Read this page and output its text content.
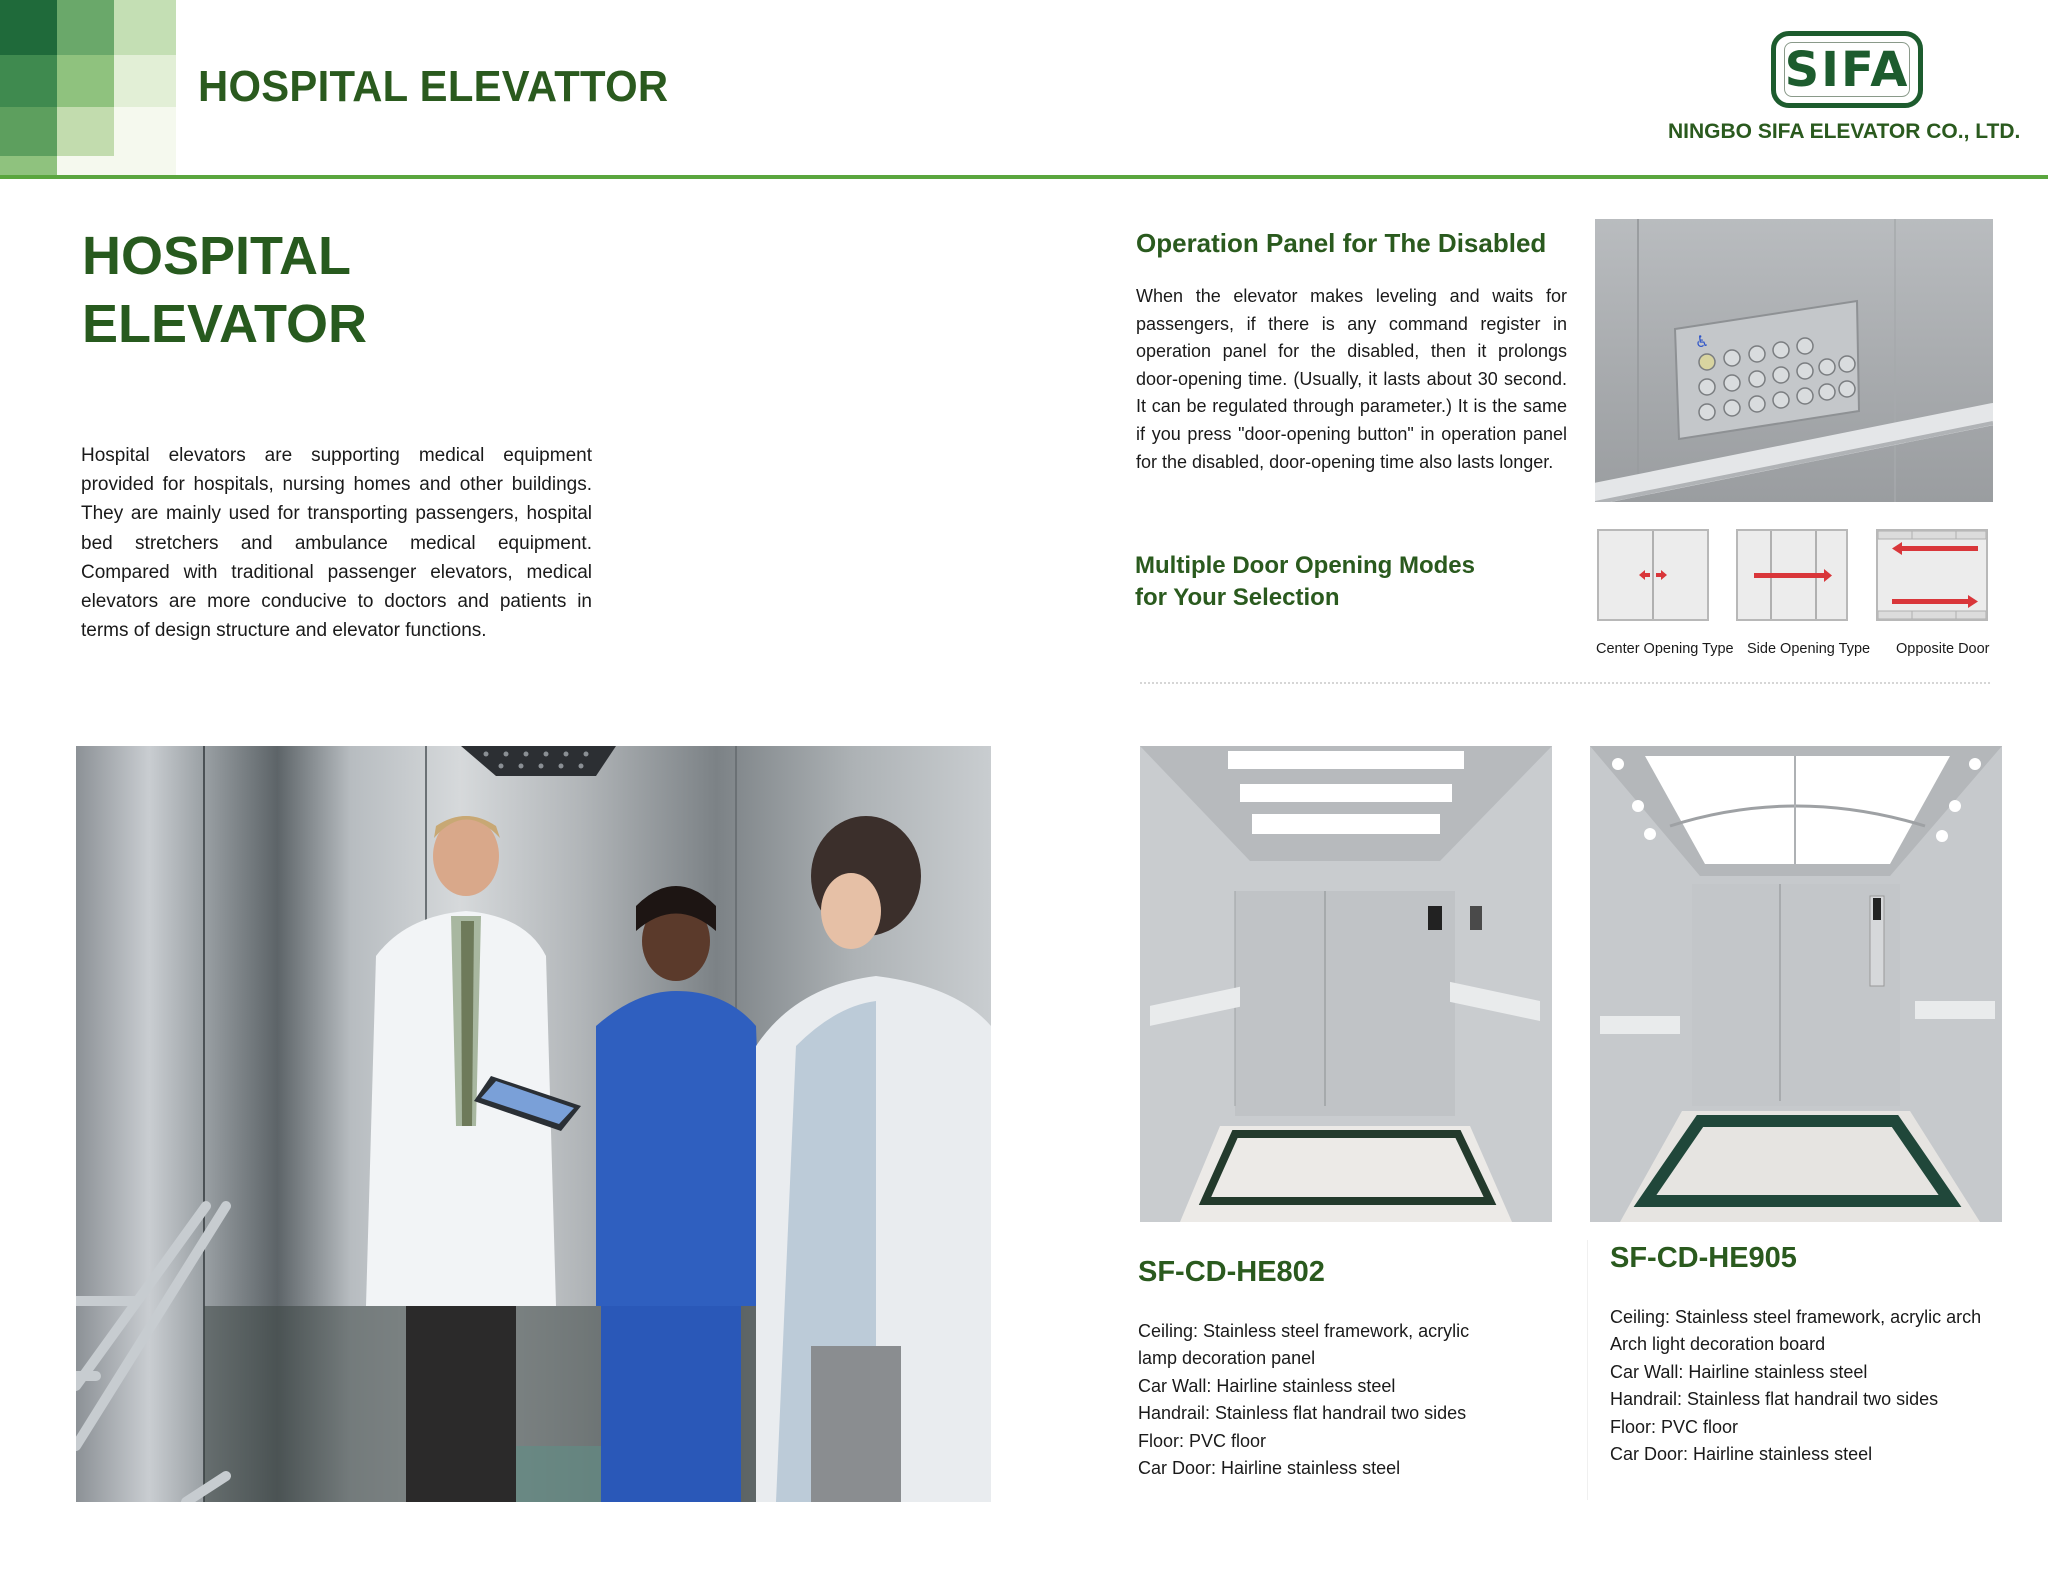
HOSPITAL ELEVATTOR	SIFA
NINGBO SIFA ELEVATOR CO., LTD.
HOSPITAL
ELEVATOR
Hospital elevators are supporting medical equipment provided for hospitals, nursing homes and other buildings. They are mainly used for transporting passengers, hospital bed stretchers and ambulance medical equipment. Compared with traditional passenger elevators, medical elevators are more conducive to doctors and patients in terms of design structure and elevator functions.
Operation Panel for The Disabled
When the elevator makes leveling and waits for passengers, if there is any command register in operation panel for the disabled, then it prolongs door-opening time. (Usually, it lasts about 30 second. It can be regulated through parameter.) It is the same if you press "door-opening button" in operation panel for the disabled, door-opening time also lasts longer.
♿
Multiple Door Opening Modes
for Your Selection
Center Opening Type Side Opening Type Opposite Door
SF-CD-HE802
Ceiling: Stainless steel framework, acrylic
lamp decoration panel
Car Wall: Hairline stainless steel
Handrail: Stainless flat handrail two sides
Floor: PVC floor
Car Door: Hairline stainless steel
SF-CD-HE905
Ceiling: Stainless steel framework, acrylic arch
Arch light decoration board
Car Wall: Hairline stainless steel
Handrail: Stainless flat handrail two sides
Floor: PVC floor
Car Door: Hairline stainless steel
